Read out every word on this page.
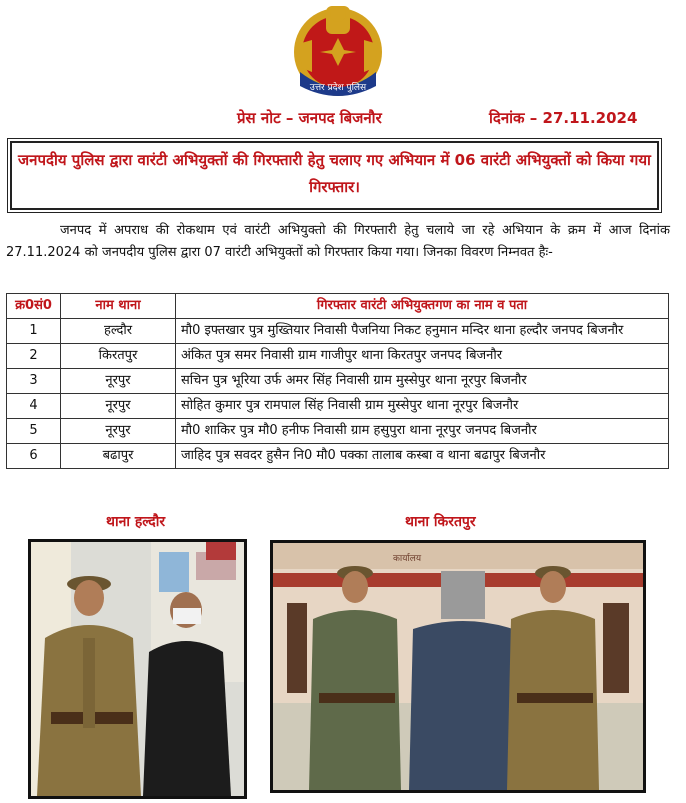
उत्तर प्रदेश पुलिस
प्रेस नोट – जनपद बिजनौर	दिनांक – 27.11.2024
जनपदीय पुलिस द्वारा वारंटी अभियुक्तों की गिरफ्तारी हेतु चलाए गए अभियान में 06 वारंटी अभियुक्तों को किया गया गिरफ्तार।

जनपद में अपराध की रोकथाम एवं वारंटी अभियुक्तो की गिरफ्तारी हेतु चलाये जा रहे अभियान के क्रम में आज दिनांक 27.11.2024 को जनपदीय पुलिस द्वारा 07 वारंटी अभियुक्तों को गिरफ्तार किया गया। जिनका विवरण निम्नवत हैः-

क्र0सं0	नाम थाना	गिरफ्तार वारंटी अभियुक्तगण का नाम व पता
1	हल्दौर	मौ0 इफ्तखार पुत्र मुख्तियार निवासी पैजनिया निकट हनुमान मन्दिर थाना हल्दौर जनपद बिजनौर
2	किरतपुर	अंकित पुत्र समर निवासी ग्राम गाजीपुर थाना किरतपुर जनपद बिजनौर
3	नूरपुर	सचिन पुत्र भूरिया उर्फ अमर सिंह निवासी ग्राम मुस्सेपुर थाना नूरपुर बिजनौर
4	नूरपुर	सोहित कुमार पुत्र रामपाल सिंह निवासी ग्राम मुस्सेपुर थाना नूरपुर बिजनौर
5	नूरपुर	मौ0 शाकिर पुत्र मौ0 हनीफ निवासी ग्राम हसुपुरा थाना नूरपुर जनपद बिजनौर
6	बढापुर	जाहिद पुत्र सवदर हुसैन नि0 मौ0 पक्का तालाब कस्बा व थाना बढापुर बिजनौर
थाना हल्दौर	थाना किरतपुर
कार्यालय
